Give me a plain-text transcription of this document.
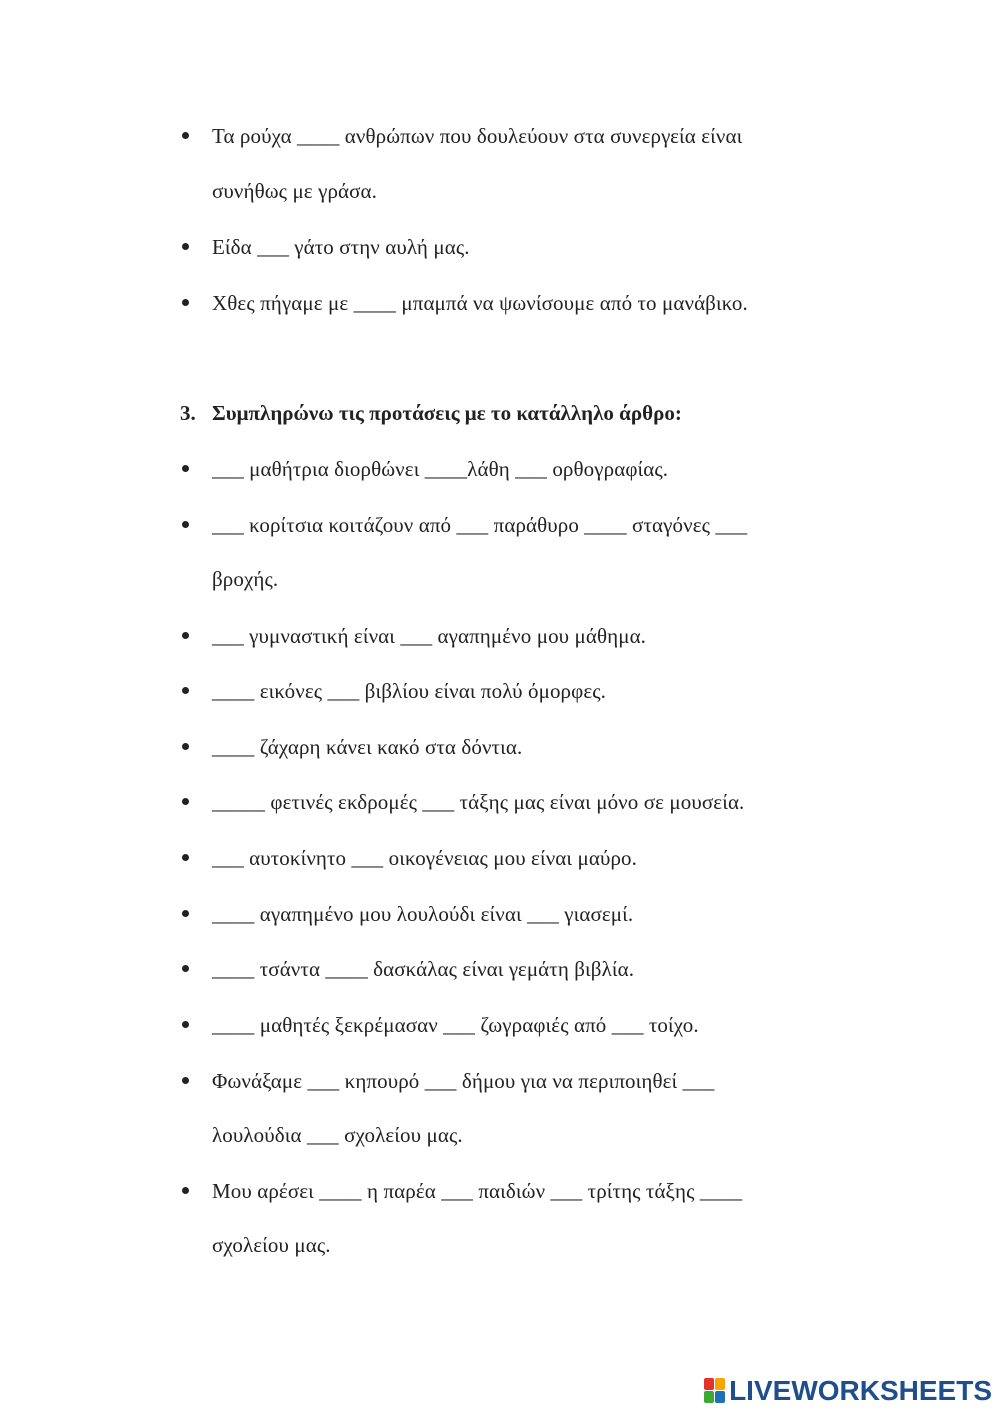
Τα ρούχα ____ ανθρώπων που δουλεύουν στα συνεργεία είναι
συνήθως με γράσα.
Είδα ___ γάτο στην αυλή μας.
Χθες πήγαμε με ____ μπαμπά να ψωνίσουμε από το μανάβικο.
3. Συμπληρώνω τις προτάσεις με το κατάλληλο άρθρο:
___ μαθήτρια διορθώνει ____λάθη ___ ορθογραφίας.
___ κορίτσια κοιτάζουν από ___ παράθυρο ____ σταγόνες ___
βροχής.
___ γυμναστική είναι ___ αγαπημένο μου μάθημα.
____ εικόνες ___ βιβλίου είναι πολύ όμορφες.
____ ζάχαρη κάνει κακό στα δόντια.
_____ φετινές εκδρομές ___ τάξης μας είναι μόνο σε μουσεία.
___ αυτοκίνητο ___ οικογένειας μου είναι μαύρο.
____ αγαπημένο μου λουλούδι είναι ___ γιασεμί.
____ τσάντα ____ δασκάλας είναι γεμάτη βιβλία.
____ μαθητές ξεκρέμασαν ___ ζωγραφιές από ___ τοίχο.
Φωνάξαμε ___ κηπουρό ___ δήμου για να περιποιηθεί ___
λουλούδια ___ σχολείου μας.
Μου αρέσει ____ η παρέα ___ παιδιών ___ τρίτης τάξης ____
σχολείου μας.
LIVEWORKSHEETS
